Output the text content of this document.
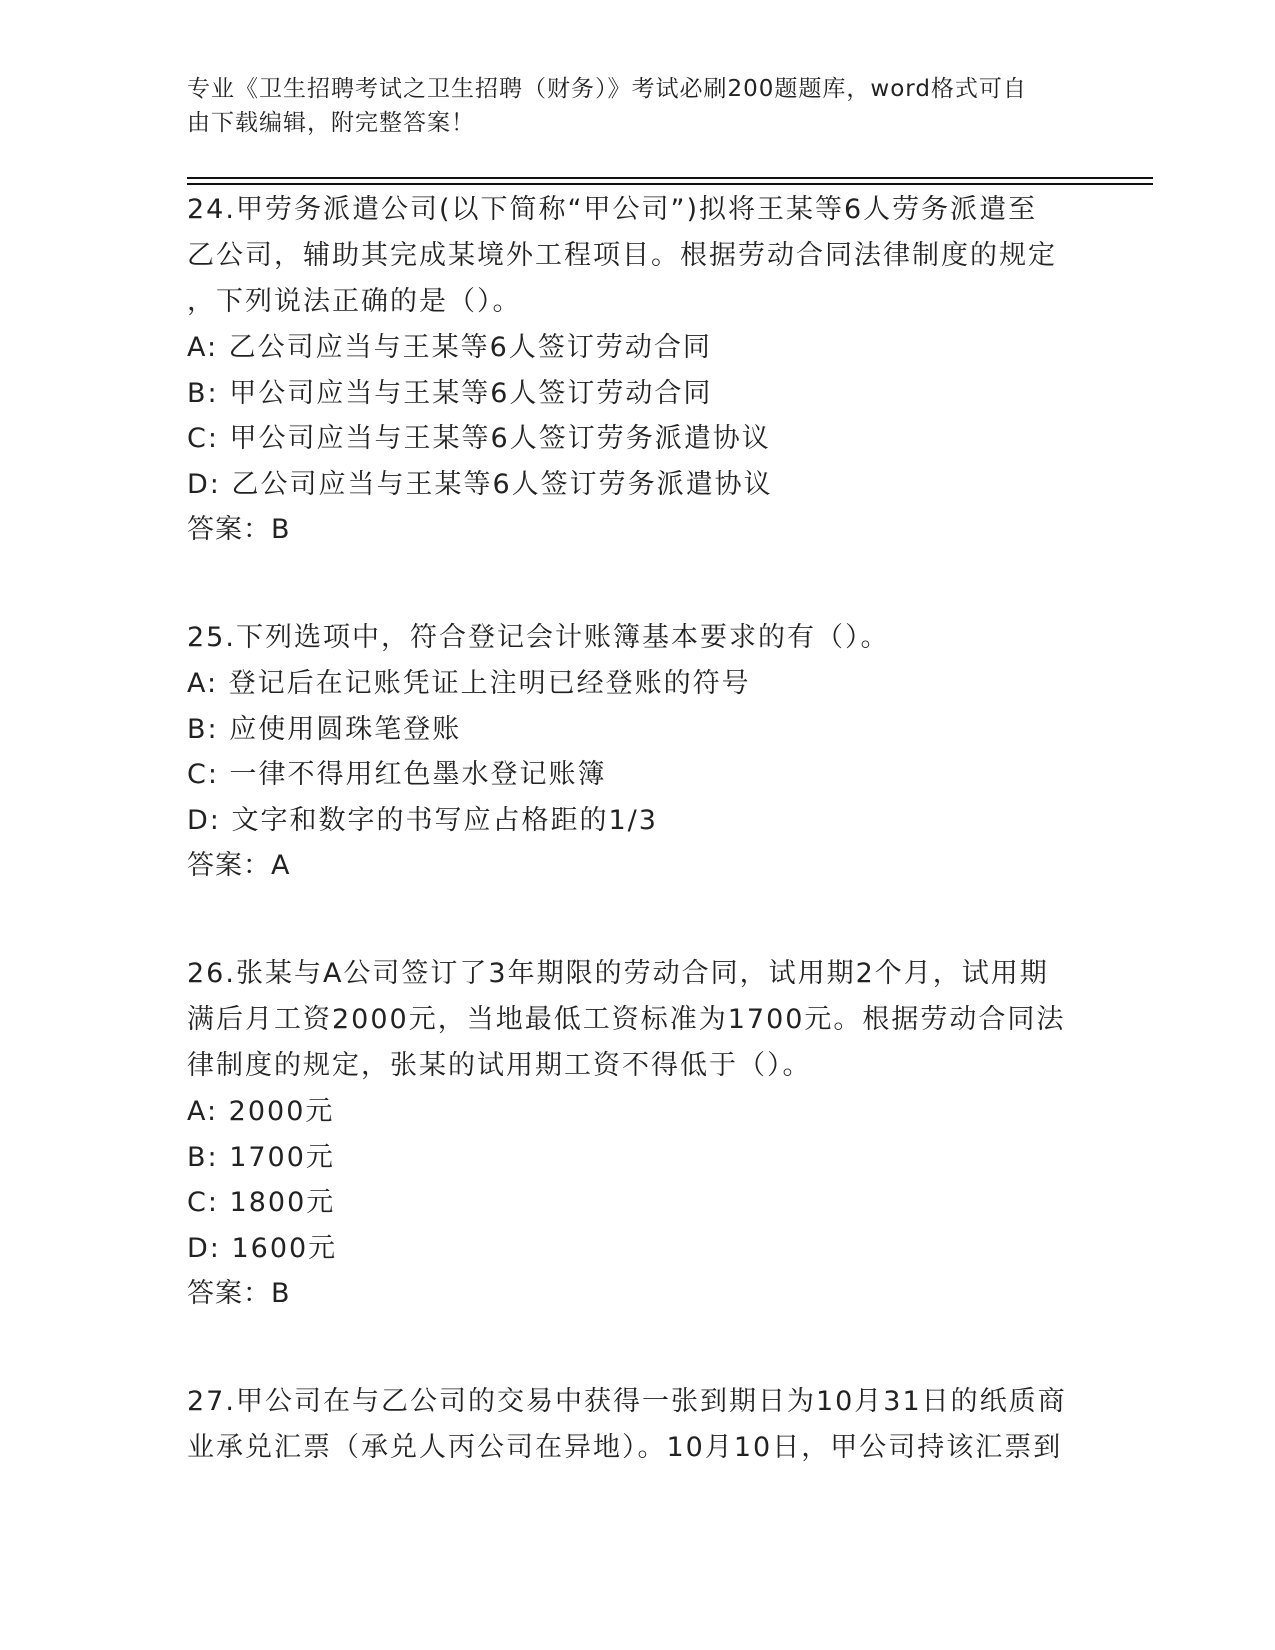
专业《卫生招聘考试之卫生招聘（财务）》考试必刷200题题库，word格式可自
由下载编辑，附完整答案！
24.甲劳务派遣公司(以下简称“甲公司”)拟将王某等6人劳务派遣至
乙公司，辅助其完成某境外工程项目。根据劳动合同法律制度的规定
，下列说法正确的是（）。
A: 乙公司应当与王某等6人签订劳动合同
B: 甲公司应当与王某等6人签订劳动合同
C: 甲公司应当与王某等6人签订劳务派遣协议
D: 乙公司应当与王某等6人签订劳务派遣协议
答案：B
25.下列选项中，符合登记会计账簿基本要求的有（）。
A: 登记后在记账凭证上注明已经登账的符号
B: 应使用圆珠笔登账
C: 一律不得用红色墨水登记账簿
D: 文字和数字的书写应占格距的1/3
答案：A
26.张某与A公司签订了3年期限的劳动合同，试用期2个月，试用期
满后月工资2000元，当地最低工资标准为1700元。根据劳动合同法
律制度的规定，张某的试用期工资不得低于（）。
A: 2000元
B: 1700元
C: 1800元
D: 1600元
答案：B
27.甲公司在与乙公司的交易中获得一张到期日为10月31日的纸质商
业承兑汇票（承兑人丙公司在异地）。10月10日，甲公司持该汇票到
